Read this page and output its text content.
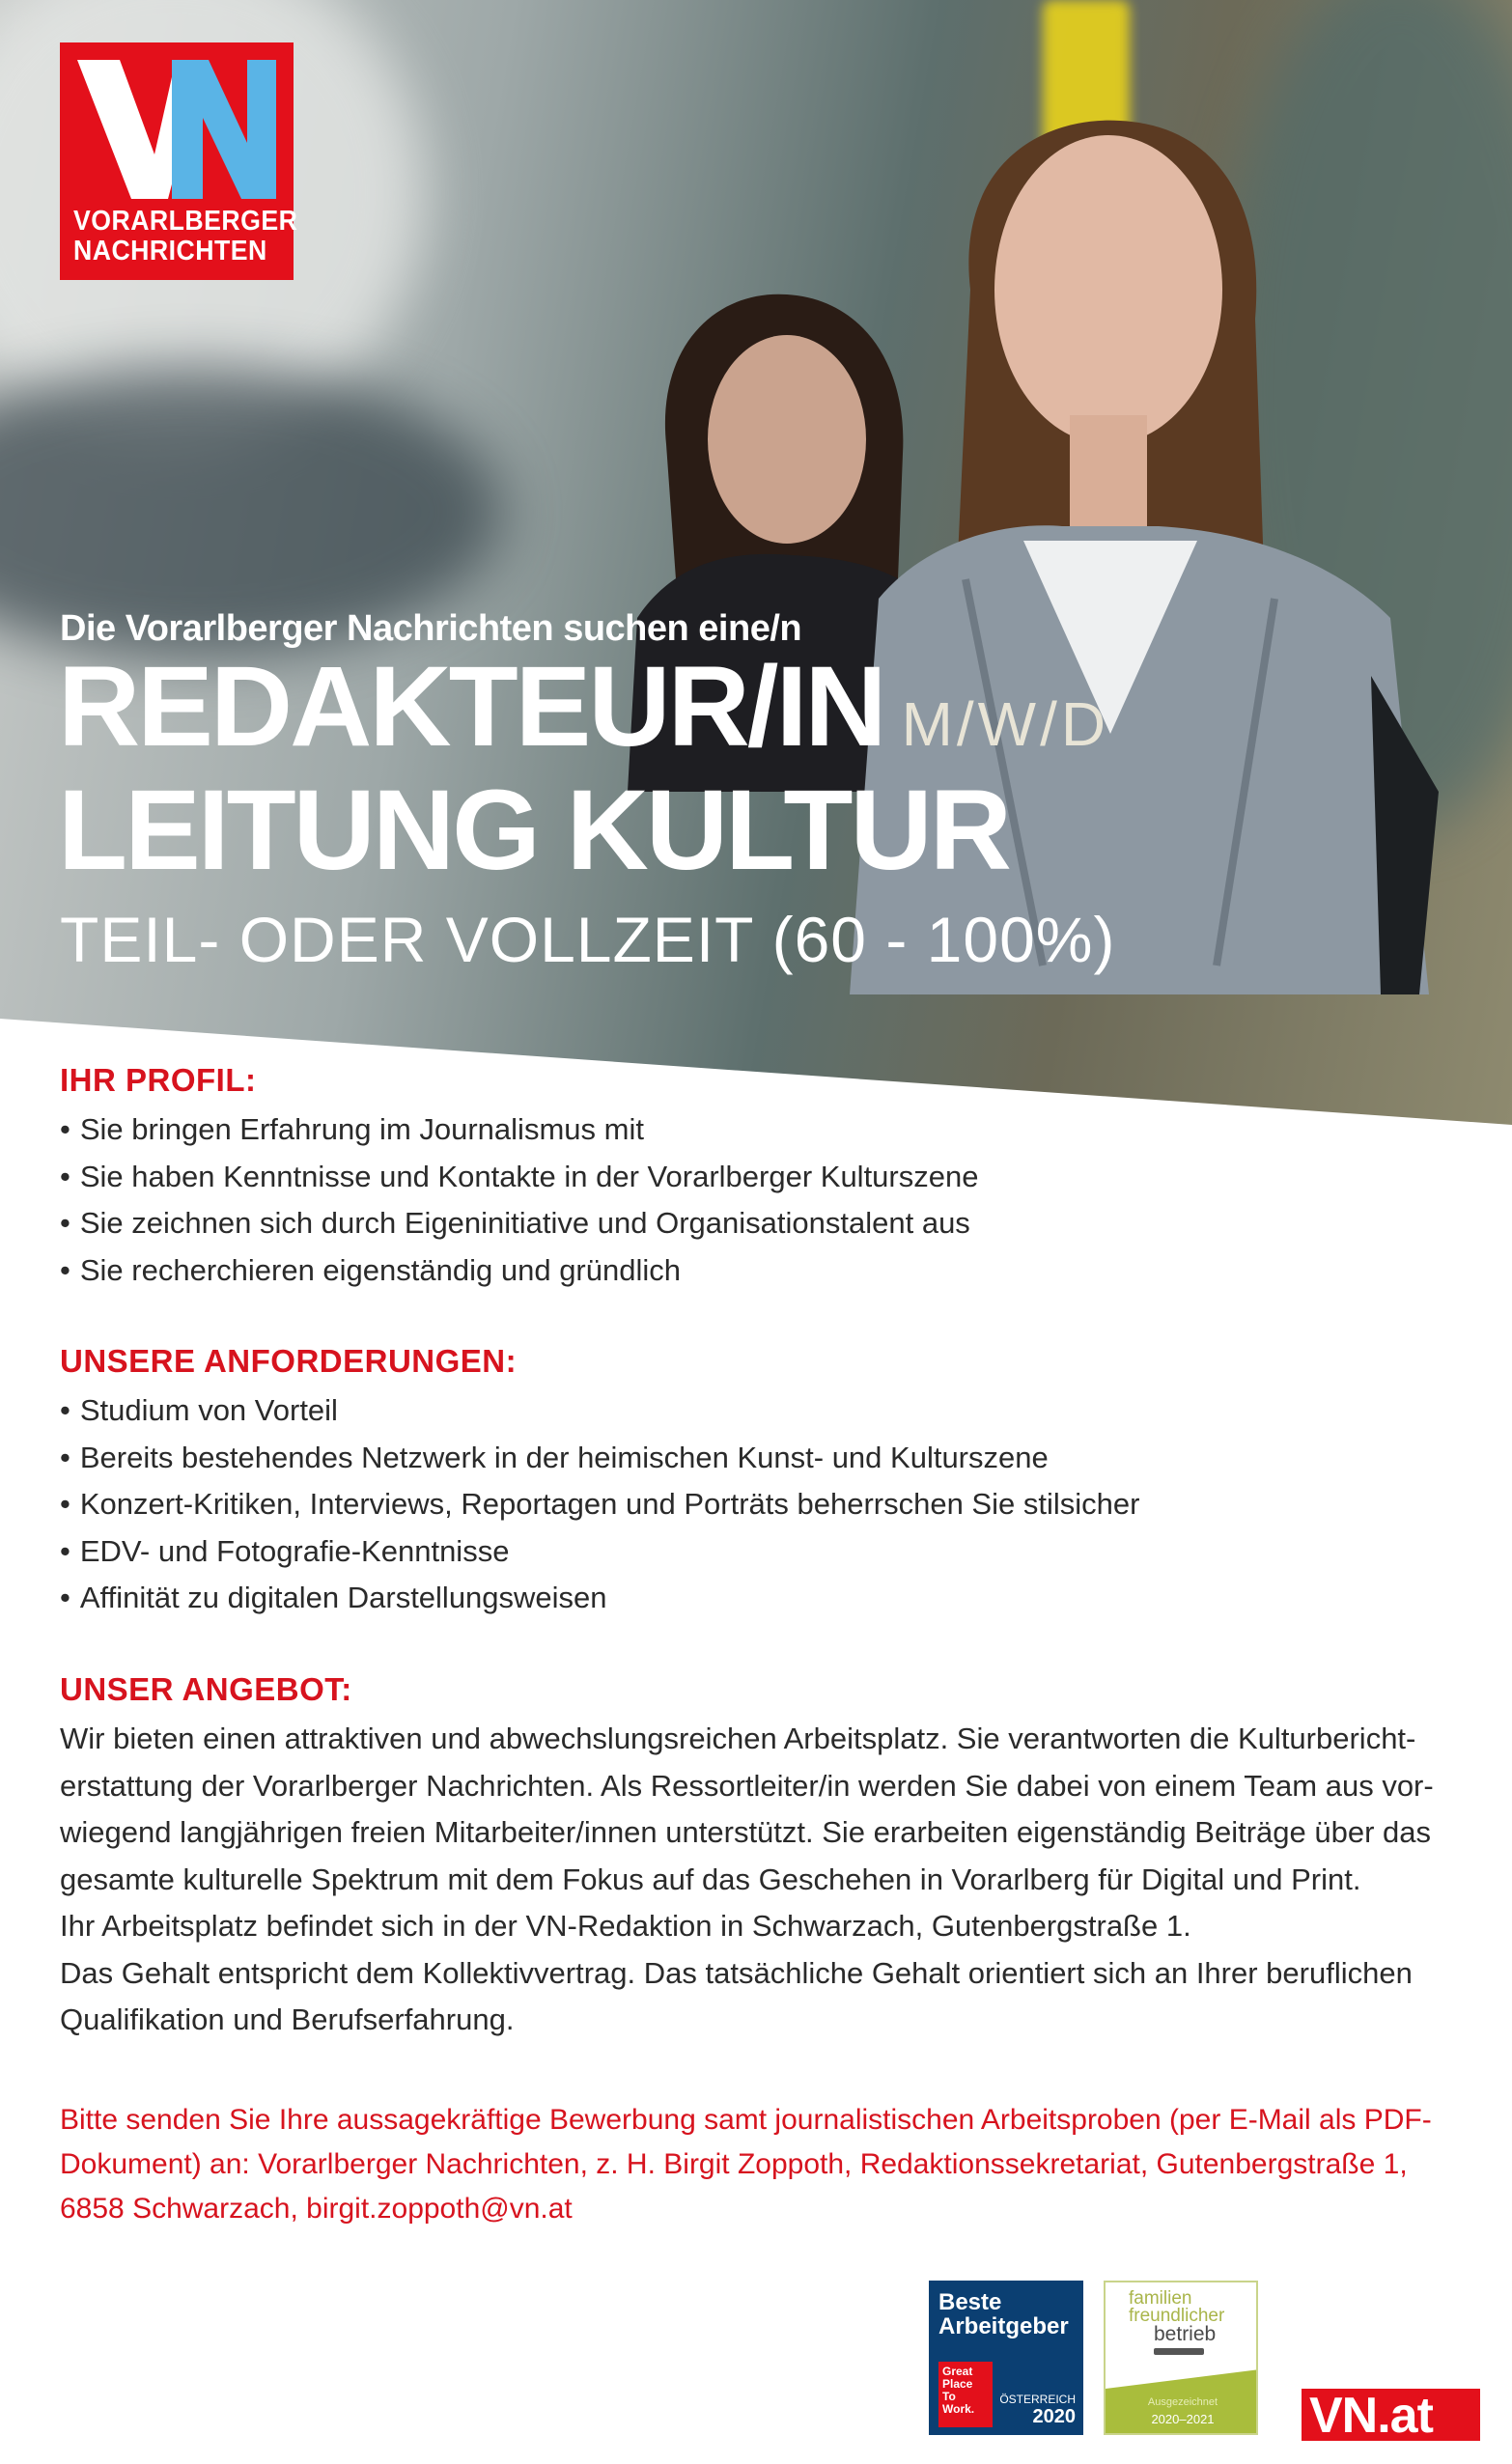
VORARLBERGER
NACHRICHTEN
Die Vorarlberger Nachrichten suchen eine/n
REDAKTEUR/IN M/W/D
LEITUNG KULTUR
TEIL- ODER VOLLZEIT (60 - 100%)
IHR PROFIL:
• Sie bringen Erfahrung im Journalismus mit
• Sie haben Kenntnisse und Kontakte in der Vorarlberger Kulturszene
• Sie zeichnen sich durch Eigeninitiative und Organisationstalent aus
• Sie recherchieren eigenständig und gründlich
UNSERE ANFORDERUNGEN:
• Studium von Vorteil
• Bereits bestehendes Netzwerk in der heimischen Kunst- und Kulturszene
• Konzert-Kritiken, Interviews, Reportagen und Porträts beherrschen Sie stilsicher
• EDV- und Fotografie-Kenntnisse
• Affinität zu digitalen Darstellungsweisen
UNSER ANGEBOT:
Wir bieten einen attraktiven und abwechslungsreichen Arbeitsplatz. Sie verantworten die Kulturbericht-
erstattung der Vorarlberger Nachrichten. Als Ressortleiter/in werden Sie dabei von einem Team aus vor-
wiegend langjährigen freien Mitarbeiter/innen unterstützt. Sie erarbeiten eigenständig Beiträge über das
gesamte kulturelle Spektrum mit dem Fokus auf das Geschehen in Vorarlberg für Digital und Print.
Ihr Arbeitsplatz befindet sich in der VN-Redaktion in Schwarzach, Gutenbergstraße 1.
Das Gehalt entspricht dem Kollektivvertrag. Das tatsächliche Gehalt orientiert sich an Ihrer beruflichen
Qualifikation und Berufserfahrung.
Bitte senden Sie Ihre aussagekräftige Bewerbung samt journalistischen Arbeitsproben (per E-Mail als PDF-
Dokument) an: Vorarlberger Nachrichten, z. H. Birgit Zoppoth, Redaktionssekretariat, Gutenbergstraße 1,
6858 Schwarzach, birgit.zoppoth@vn.at
Beste
Arbeitgeber
Great
Place
To
Work.
ÖSTERREICH
2020
familien
freundlicher
betrieb
Ausgezeichnet
2020–2021	VN.at
